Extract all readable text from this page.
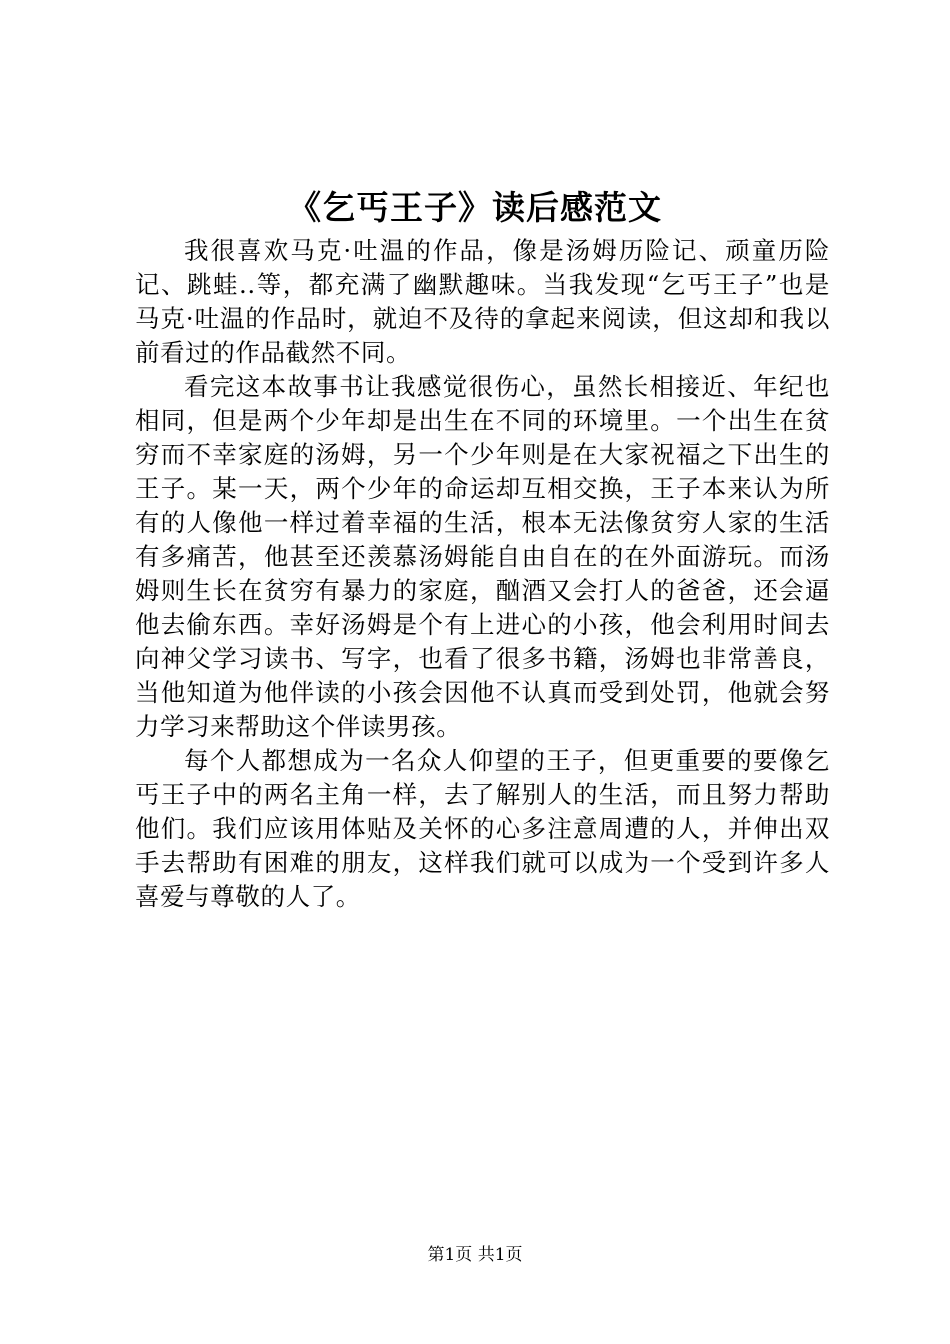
《乞丐王子》读后感范文

我很喜欢马克·吐温的作品，像是汤姆历险记、顽童历险记、跳蛙..等，都充满了幽默趣味。当我发现“乞丐王子”也是马克·吐温的作品时，就迫不及待的拿起来阅读，但这却和我以前看过的作品截然不同。

看完这本故事书让我感觉很伤心，虽然长相接近、年纪也相同，但是两个少年却是出生在不同的环境里。一个出生在贫穷而不幸家庭的汤姆，另一个少年则是在大家祝福之下出生的王子。某一天，两个少年的命运却互相交换，王子本来认为所有的人像他一样过着幸福的生活，根本无法像贫穷人家的生活有多痛苦，他甚至还羡慕汤姆能自由自在的在外面游玩。而汤姆则生长在贫穷有暴力的家庭，酗酒又会打人的爸爸，还会逼他去偷东西。幸好汤姆是个有上进心的小孩，他会利用时间去向神父学习读书、写字，也看了很多书籍，汤姆也非常善良，当他知道为他伴读的小孩会因他不认真而受到处罚，他就会努力学习来帮助这个伴读男孩。

每个人都想成为一名众人仰望的王子，但更重要的要像乞丐王子中的两名主角一样，去了解别人的生活，而且努力帮助他们。我们应该用体贴及关怀的心多注意周遭的人，并伸出双手去帮助有困难的朋友，这样我们就可以成为一个受到许多人喜爱与尊敬的人了。

第1页 共1页
